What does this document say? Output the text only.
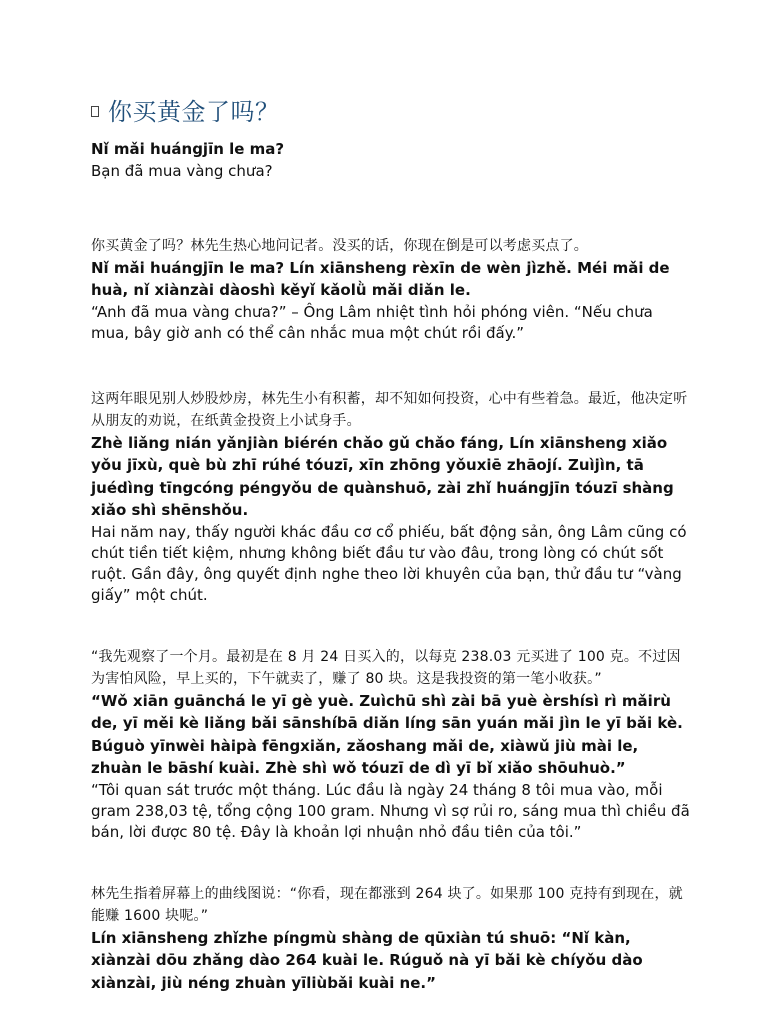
你买黄金了吗？

Nǐ mǎi huángjīn le ma?

Bạn đã mua vàng chưa?

你买黄金了吗？林先生热心地问记者。没买的话，你现在倒是可以考虑买点了。

Nǐ mǎi huángjīn le ma? Lín xiānsheng rèxīn de wèn jìzhě. Méi mǎi de huà, nǐ xiànzài dàoshì kěyǐ kǎolǜ mǎi diǎn le.

“Anh đã mua vàng chưa?” – Ông Lâm nhiệt tình hỏi phóng viên. “Nếu chưa mua, bây giờ anh có thể cân nhắc mua một chút rồi đấy.”

这两年眼见别人炒股炒房，林先生小有积蓄，却不知如何投资，心中有些着急。最近，他决定听从朋友的劝说，在纸黄金投资上小试身手。

Zhè liǎng nián yǎnjiàn biérén chǎo gǔ chǎo fáng, Lín xiānsheng xiǎo yǒu jīxù, què bù zhī rúhé tóuzī, xīn zhōng yǒuxiē zhāojí. Zuìjìn, tā juédìng tīngcóng péngyǒu de quànshuō, zài zhǐ huángjīn tóuzī shàng xiǎo shì shēnshǒu.

Hai năm nay, thấy người khác đầu cơ cổ phiếu, bất động sản, ông Lâm cũng có chút tiền tiết kiệm, nhưng không biết đầu tư vào đâu, trong lòng có chút sốt ruột. Gần đây, ông quyết định nghe theo lời khuyên của bạn, thử đầu tư “vàng giấy” một chút.

“我先观察了一个月。最初是在 8 月 24 日买入的，以每克 238.03 元买进了 100 克。不过因为害怕风险，早上买的，下午就卖了，赚了 80 块。这是我投资的第一笔小收获。”

“Wǒ xiān guānchá le yī gè yuè. Zuìchū shì zài bā yuè èrshísì rì mǎirù de, yī měi kè liǎng bǎi sānshíbā diǎn líng sān yuán mǎi jìn le yī bǎi kè. Búguò yīnwèi hàipà fēngxiǎn, zǎoshang mǎi de, xiàwǔ jiù mài le, zhuàn le bāshí kuài. Zhè shì wǒ tóuzī de dì yī bǐ xiǎo shōuhuò.”

“Tôi quan sát trước một tháng. Lúc đầu là ngày 24 tháng 8 tôi mua vào, mỗi gram 238,03 tệ, tổng cộng 100 gram. Nhưng vì sợ rủi ro, sáng mua thì chiều đã bán, lời được 80 tệ. Đây là khoản lợi nhuận nhỏ đầu tiên của tôi.”

林先生指着屏幕上的曲线图说：“你看，现在都涨到 264 块了。如果那 100 克持有到现在，就能赚 1600 块呢。”

Lín xiānsheng zhǐzhe píngmù shàng de qūxiàn tú shuō: “Nǐ kàn, xiànzài dōu zhǎng dào 264 kuài le. Rúguǒ nà yī bǎi kè chíyǒu dào xiànzài, jiù néng zhuàn yīliùbǎi kuài ne.”
